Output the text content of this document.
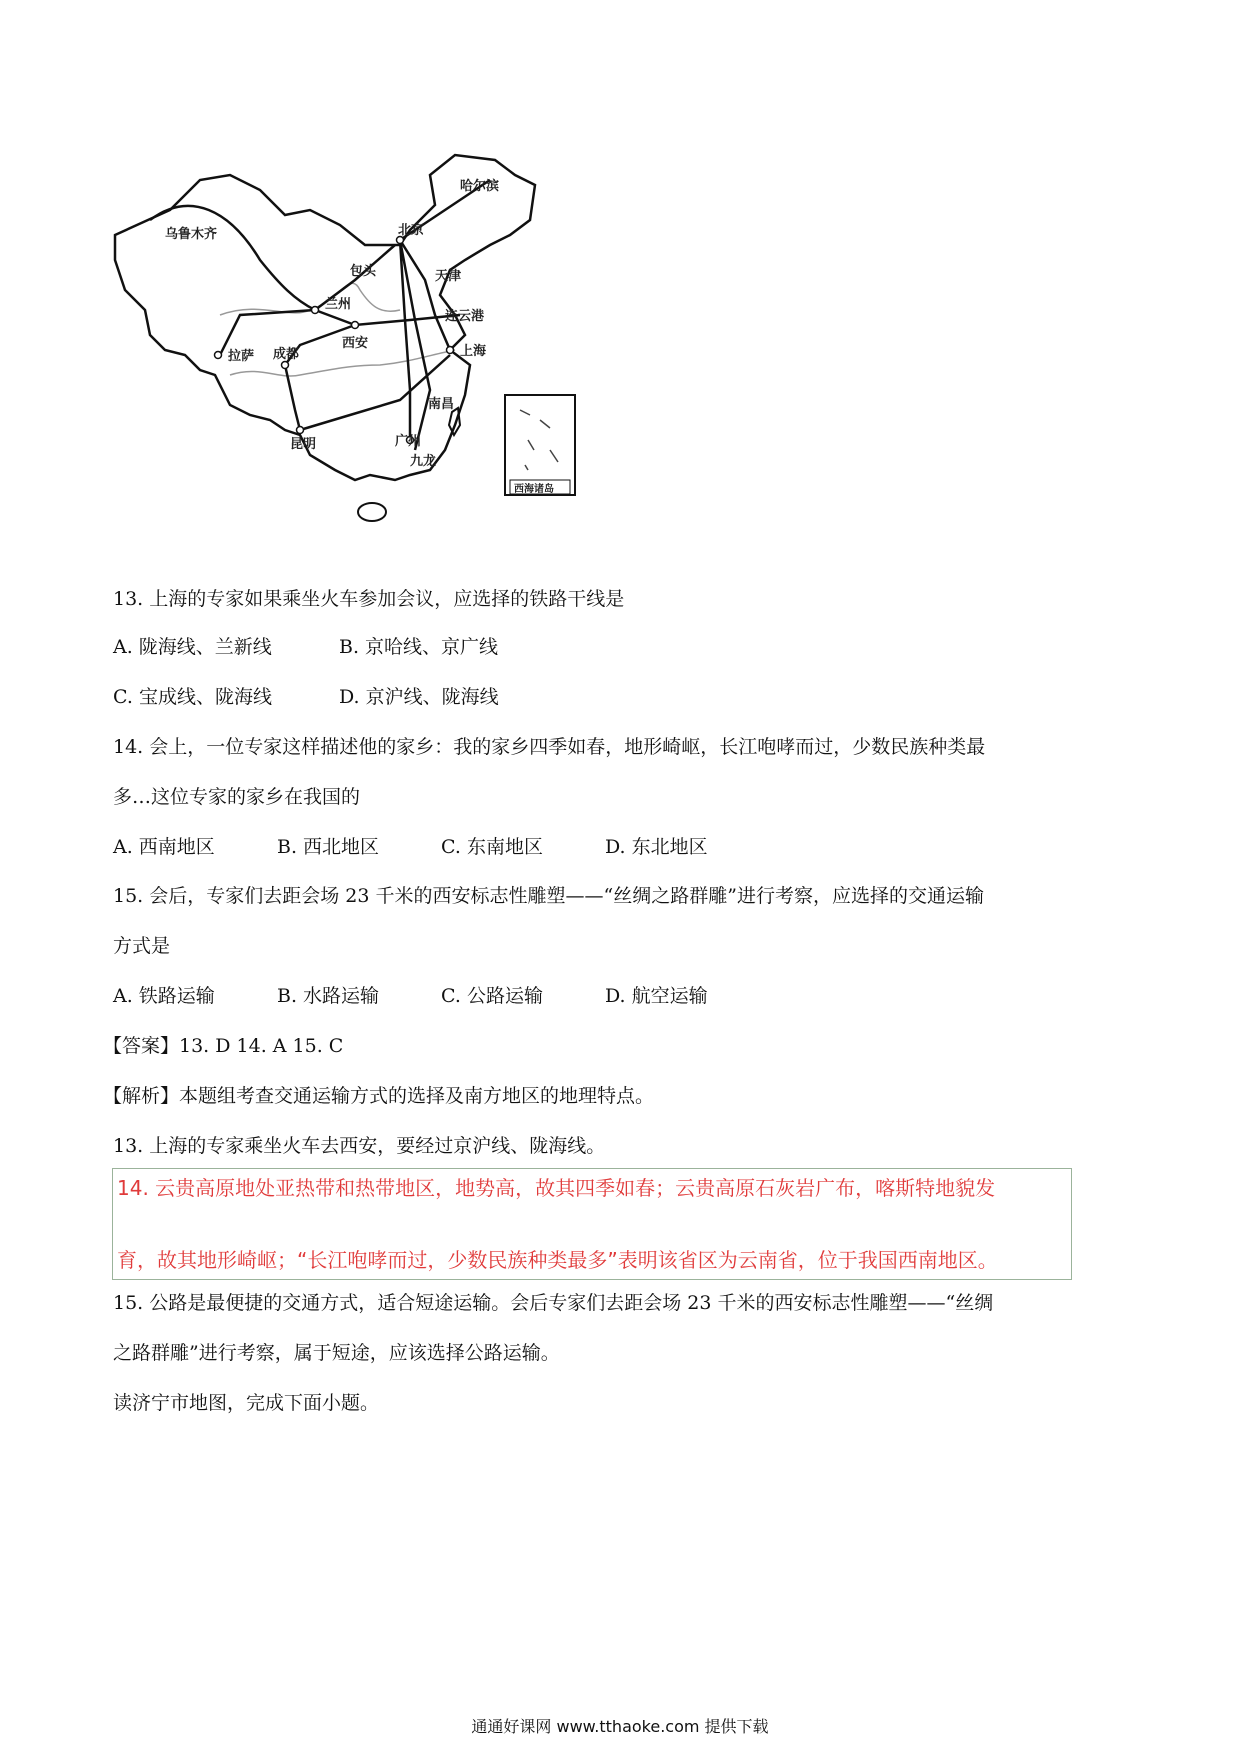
哈尔滨
乌鲁木齐	北京
包头	天津
兰州
连云港
西安
上海
拉萨 成都
南昌
昆明	广州
九龙
西海诸岛
13. 上海的专家如果乘坐火车参加会议，应选择的铁路干线是
A. 陇海线、兰新线	B. 京哈线、京广线
C. 宝成线、陇海线	D. 京沪线、陇海线
14. 会上，一位专家这样描述他的家乡：我的家乡四季如春，地形崎岖，长江咆哮而过，少数民族种类最
多…这位专家的家乡在我国的
A. 西南地区	B. 西北地区	C. 东南地区	D. 东北地区
15. 会后，专家们去距会场 23 千米的西安标志性雕塑——“丝绸之路群雕”进行考察，应选择的交通运输
方式是
A. 铁路运输	B. 水路运输	C. 公路运输	D. 航空运输
【答案】13. D 14. A 15. C
【解析】本题组考查交通运输方式的选择及南方地区的地理特点。
13. 上海的专家乘坐火车去西安，要经过京沪线、陇海线。
14. 云贵高原地处亚热带和热带地区，地势高，故其四季如春；云贵高原石灰岩广布，喀斯特地貌发
育，故其地形崎岖；“长江咆哮而过，少数民族种类最多”表明该省区为云南省，位于我国西南地区。
15. 公路是最便捷的交通方式，适合短途运输。会后专家们去距会场 23 千米的西安标志性雕塑——“丝绸
之路群雕”进行考察，属于短途，应该选择公路运输。
读济宁市地图，完成下面小题。
通通好课网 www.tthaoke.com 提供下载
